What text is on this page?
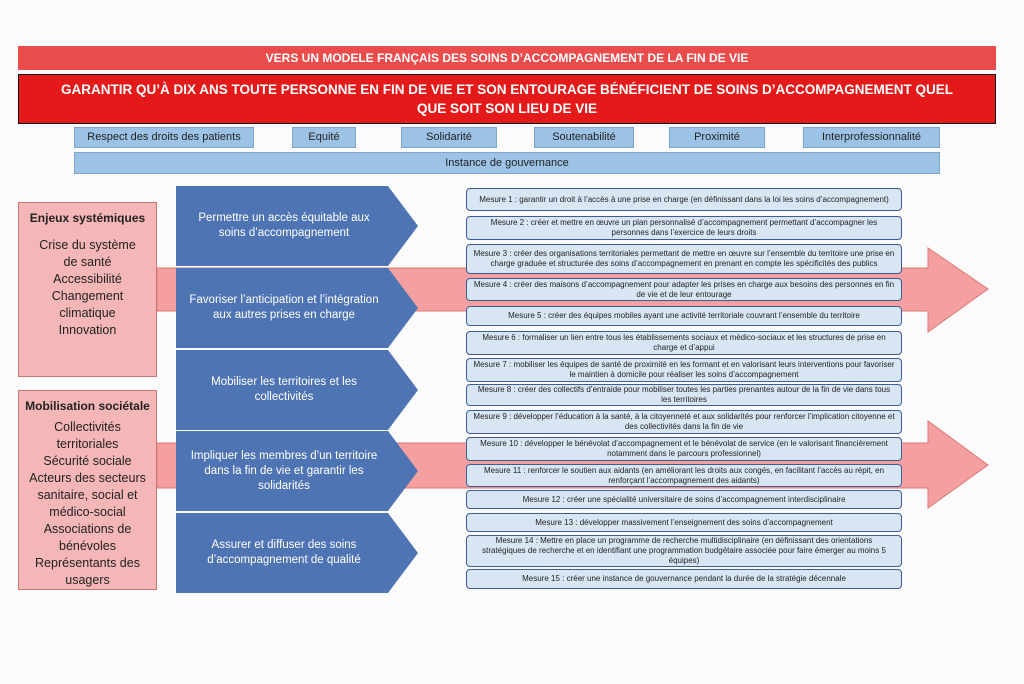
VERS UN MODELE FRANÇAIS DES SOINS D’ACCOMPAGNEMENT DE LA FIN DE VIE
GARANTIR QU’À DIX ANS TOUTE PERSONNE EN FIN DE VIE ET SON ENTOURAGE BÉNÉFICIENT DE SOINS D’ACCOMPAGNEMENT QUEL QUE SOIT SON LIEU DE VIE
Respect des droits des patients	Equité	Solidarité	Soutenabilité	Proximité	Interprofessionnalité
Instance de gouvernance
Enjeux systémiques
Crise du système
de santé
Accessibilité
Changement
climatique
Innovation
Mobilisation sociétale
Collectivités
territoriales
Sécurité sociale
Acteurs des secteurs
sanitaire, social et
médico-social
Associations de
bénévoles
Représentants des
usagers
Permettre un accès équitable aux soins d’accompagnement
Favoriser l’anticipation et l’intégration aux autres prises en charge
Mobiliser les territoires et les collectivités
Impliquer les membres d’un territoire dans la fin de vie et garantir les solidarités
Assurer et diffuser des soins d’accompagnement de qualité
Mesure 1 : garantir un droit à l’accès à une prise en charge (en définissant dans la loi les soins d’accompagnement)
Mesure 2 : créer et mettre en œuvre un plan personnalisé d’accompagnement permettant d’accompagner les personnes dans l’exercice de leurs droits
Mesure 3 : créer des organisations territoriales permettant de mettre en œuvre sur l’ensemble du territoire une prise en charge graduée et structurée des soins d’accompagnement en prenant en compte les spécificités des publics
Mesure 4 : créer des maisons d’accompagnement pour adapter les prises en charge aux besoins des personnes en fin de vie et de leur entourage
Mesure 5 : créer des équipes mobiles ayant une activité territoriale couvrant l’ensemble du territoire
Mesure 6 : formaliser un lien entre tous les établissements sociaux et médico-sociaux et les structures de prise en charge et d’appui
Mesure 7 : mobiliser les équipes de santé de proximité en les formant et en valorisant leurs interventions pour favoriser le maintien à domicile pour réaliser les soins d’accompagnement
Mesure 8 : créer des collectifs d’entraide pour mobiliser toutes les parties prenantes autour de la fin de vie dans tous les territoires
Mesure 9 : développer l’éducation à la santé, à la citoyenneté et aux solidarités pour renforcer l’implication citoyenne et des collectivités dans la fin de vie
Mesure 10 : développer le bénévolat d’accompagnement et le bénévolat de service (en le valorisant financièrement notamment dans le parcours professionnel)
Mesure 11 : renforcer le soutien aux aidants (en améliorant les droits aux congés, en facilitant l’accès au répit, en renforçant l’accompagnement des aidants)
Mesure 12 : créer une spécialité universitaire de soins d’accompagnement interdisciplinaire
Mesure 13 : développer massivement l’enseignement des soins d’accompagnement
Mesure 14 : Mettre en place un programme de recherche multidisciplinaire (en définissant des orientations stratégiques de recherche et en identifiant une programmation budgétaire associée pour faire émerger au moins 5 équipes)
Mesure 15 : créer une instance de gouvernance pendant la durée de la stratégie décennale
